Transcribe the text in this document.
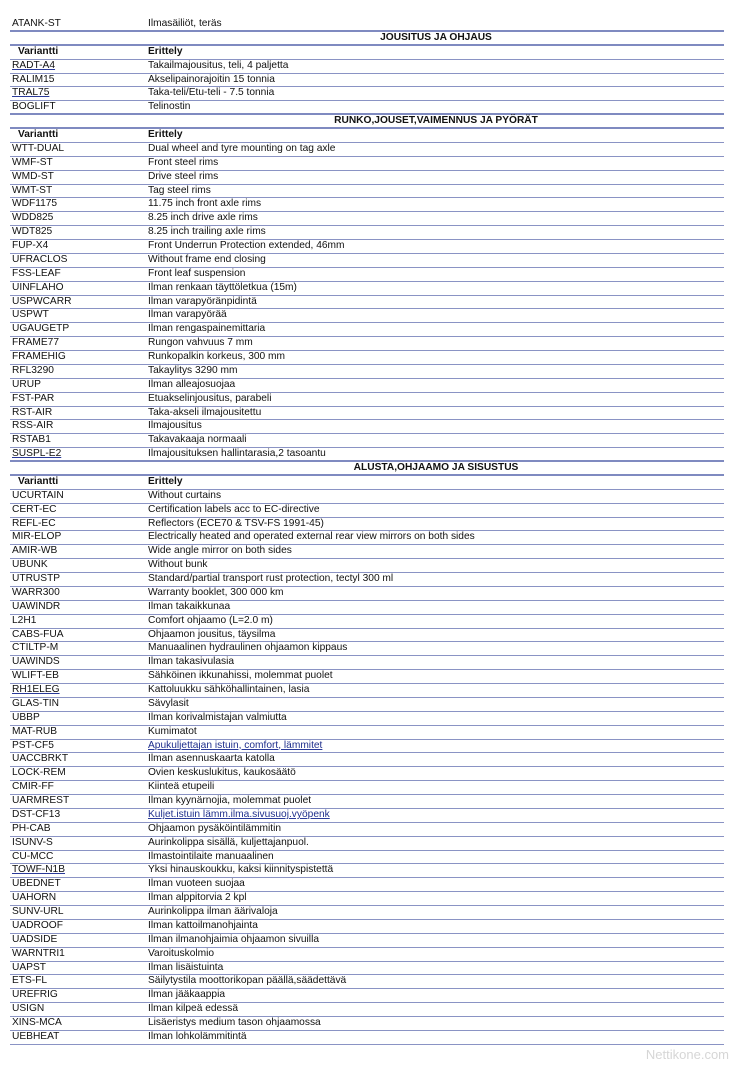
ATANK-ST	Ilmasäiliöt, teräs
JOUSITUS JA OHJAUS
Variantti	Erittely
RADT-A4	Takailmajousitus, teli, 4 paljetta
RALIM15	Akselipainorajoitin 15 tonnia
TRAL75	Taka-teli/Etu-teli - 7.5 tonnia
BOGLIFT	Telinostin
RUNKO,JOUSET,VAIMENNUS JA PYÖRÄT
Variantti	Erittely
WTT-DUAL	Dual wheel and tyre mounting on tag axle
WMF-ST	Front steel rims
WMD-ST	Drive steel rims
WMT-ST	Tag steel rims
WDF1175	11.75 inch front axle rims
WDD825	8.25 inch drive axle rims
WDT825	8.25 inch trailing axle rims
FUP-X4	Front Underrun Protection extended, 46mm
UFRACLOS	Without frame end closing
FSS-LEAF	Front leaf suspension
UINFLAHO	Ilman renkaan täyttöletkua (15m)
USPWCARR	Ilman varapyöränpidintä
USPWT	Ilman varapyörää
UGAUGETP	Ilman rengaspainemittaria
FRAME77	Rungon vahvuus 7 mm
FRAMEHIG	Runkopalkin korkeus, 300 mm
RFL3290	Takaylitys 3290 mm
URUP	Ilman alleajosuojaa
FST-PAR	Etuakselinjousitus, parabeli
RST-AIR	Taka-akseli ilmajousitettu
RSS-AIR	Ilmajousitus
RSTAB1	Takavakaaja normaali
SUSPL-E2	Ilmajousituksen hallintarasia,2 tasoantu
ALUSTA,OHJAAMO JA SISUSTUS
Variantti	Erittely
UCURTAIN	Without curtains
CERT-EC	Certification labels acc to EC-directive
REFL-EC	Reflectors (ECE70 & TSV-FS 1991-45)
MIR-ELOP	Electrically heated and operated external rear view mirrors on both sides
AMIR-WB	Wide angle mirror on both sides
UBUNK	Without bunk
UTRUSTP	Standard/partial transport rust protection, tectyl 300 ml
WARR300	Warranty booklet, 300 000 km
UAWINDR	Ilman takaikkunaa
L2H1	Comfort ohjaamo (L=2.0 m)
CABS-FUA	Ohjaamon jousitus, täysilma
CTILTP-M	Manuaalinen hydraulinen ohjaamon kippaus
UAWINDS	Ilman takasivulasia
WLIFT-EB	Sähköinen ikkunahissi, molemmat puolet
RH1ELEG	Kattoluukku sähköhallintainen, lasia
GLAS-TIN	Sävylasit
UBBP	Ilman korivalmistajan valmiutta
MAT-RUB	Kumimatot
PST-CF5	Apukuljettajan istuin, comfort, lämmitet
UACCBRKT	Ilman asennuskaarta katolla
LOCK-REM	Ovien keskuslukitus, kaukosäätö
CMIR-FF	Kiinteä etupeili
UARMREST	Ilman kyynärnojia, molemmat puolet
DST-CF13	Kuljet.istuin lämm.ilma.sivusuoj.vyöpenk
PH-CAB	Ohjaamon pysäköintilämmitin
ISUNV-S	Aurinkolippa sisällä, kuljettajanpuol.
CU-MCC	Ilmastointilaite manuaalinen
TOWF-N1B	Yksi hinauskoukku, kaksi kiinnityspistettä
UBEDNET	Ilman vuoteen suojaa
UAHORN	Ilman alppitorvia 2 kpl
SUNV-URL	Aurinkolippa ilman äärivaloja
UADROOF	Ilman kattoilmanohjainta
UADSIDE	Ilman ilmanohjaimia ohjaamon sivuilla
WARNTRI1	Varoituskolmio
UAPST	Ilman lisäistuinta
ETS-FL	Säilytystila moottorikopan päällä,säädettävä
UREFRIG	Ilman jääkaappia
USIGN	Ilman kilpeä edessä
XINS-MCA	Lisäeristys medium tason ohjaamossa
UEBHEAT	Ilman lohkolämmitintä
Nettikone.com
